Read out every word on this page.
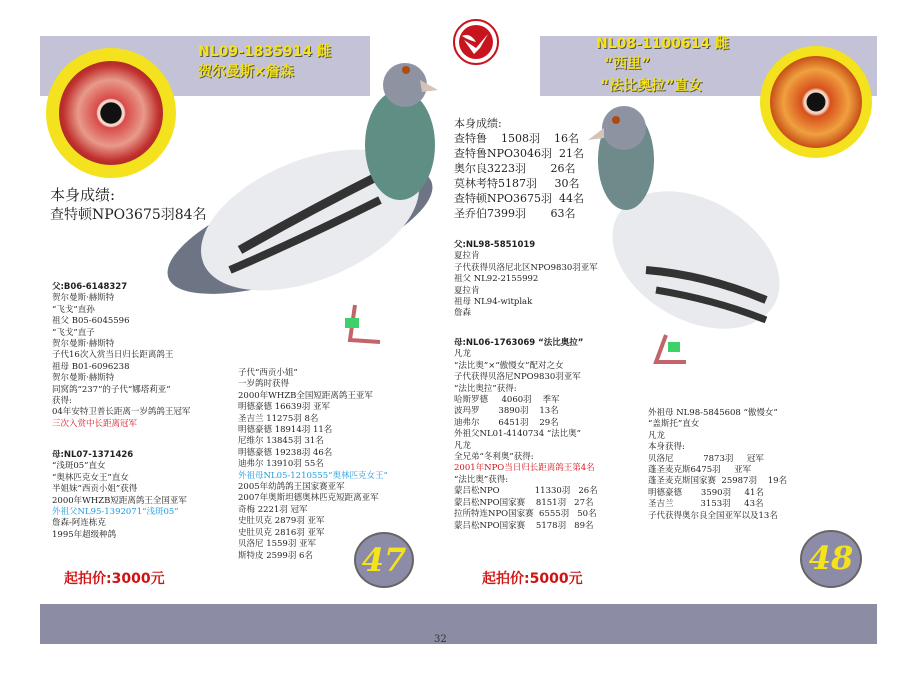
NL09-1835914 雌
贺尔曼斯×詹森
本身成绩:
查特顿NPO3675羽84名
父:B06-6148327
贺尔曼斯·赫斯特
“飞戈”直孙
祖父 B05-6045596
“飞戈”直子
贺尔曼斯·赫斯特
子代16次入赏当日归长距离鸽王
祖母 B01-6096238
贺尔曼斯·赫斯特
同窝鸽“237”的子代“娜塔莉亚”
获得:
04年安特卫普长距离一岁鸽鸽王冠军
三次入赏中长距离冠军
母:NL07-1371426
“浅斑05”直女
“奥林匹克女王”直女
半姐妹“西贡小姐”获得
2000年WHZB短距离鸽王全国亚军
外祖父NL95-1392071“浅斑05”
詹森-阿连栋克
1995年超级种鸽
子代“西贡小姐”
一岁鸽时获得
2000年WHZB全国短距离鸽王亚军
明德豪德 16639羽 亚军
圣吉兰 11275羽 8名
明德豪德 18914羽 11名
尼维尔 13845羽 31名
明德豪德 19238羽 46名
迪弗尔 13910羽 55名
外祖母NL05-1210555“奥林匹克女王”
2005年幼鸽鸽王国家赛亚军
2007年奥斯坦德奥林匹克短距离亚军
奇梅 2221羽 冠军
史肚贝克 2879羽 亚军
史肚贝克 2816羽 亚军
贝洛尼 1559羽 亚军
斯特皮 2599羽 6名	47
起拍价:3000元
NL08-1100614 雌
“西里”
“法比奥拉”直女
本身成绩:
查特鲁    1508羽    16名
查特鲁NPO3046羽  21名
奥尔良3223羽       26名
莫林考特5187羽     30名
查特顿NPO3675羽  44名
圣乔伯7399羽       63名
父:NL98-5851019
夏拉肯
子代获得贝洛尼北区NPO9830羽亚军
祖父 NL92-2155992
夏拉肯
祖母 NL94-witplak
詹森
母:NL06-1763069 “法比奥拉”
凡龙
“法比奥”×“傲慢女”配对之女
子代获得贝洛尼NPO9830羽亚军
“法比奥拉”获得:
哈斯罗德     4060羽    季军
波玛罗       3890羽    13名
迪弗尔       6451羽    29名
外祖父NL01-4140734 “法比奥”
凡龙
全兄弟“冬利奥”获得:
2001年NPO当日归长距离鸽王第4名
“法比奥”获得:
蒙吕松NPO             11330羽   26名
蒙吕松NPO国家赛    8151羽   27名
拉所特连NPO国家赛  6555羽   50名
蒙吕松NPO国家赛    5178羽   89名
外祖母 NL98-5845608 “傲慢女”
“盖斯托”直女
凡龙
本身获得:
贝洛尼           7873羽     冠军
蓬圣麦克斯6475羽     亚军
蓬圣麦克斯国家赛  25987羽    19名
明德豪德       3590羽     41名
圣吉兰          3153羽     43名
子代获得奥尔良全国亚军以及13名
48
起拍价:5000元
32
